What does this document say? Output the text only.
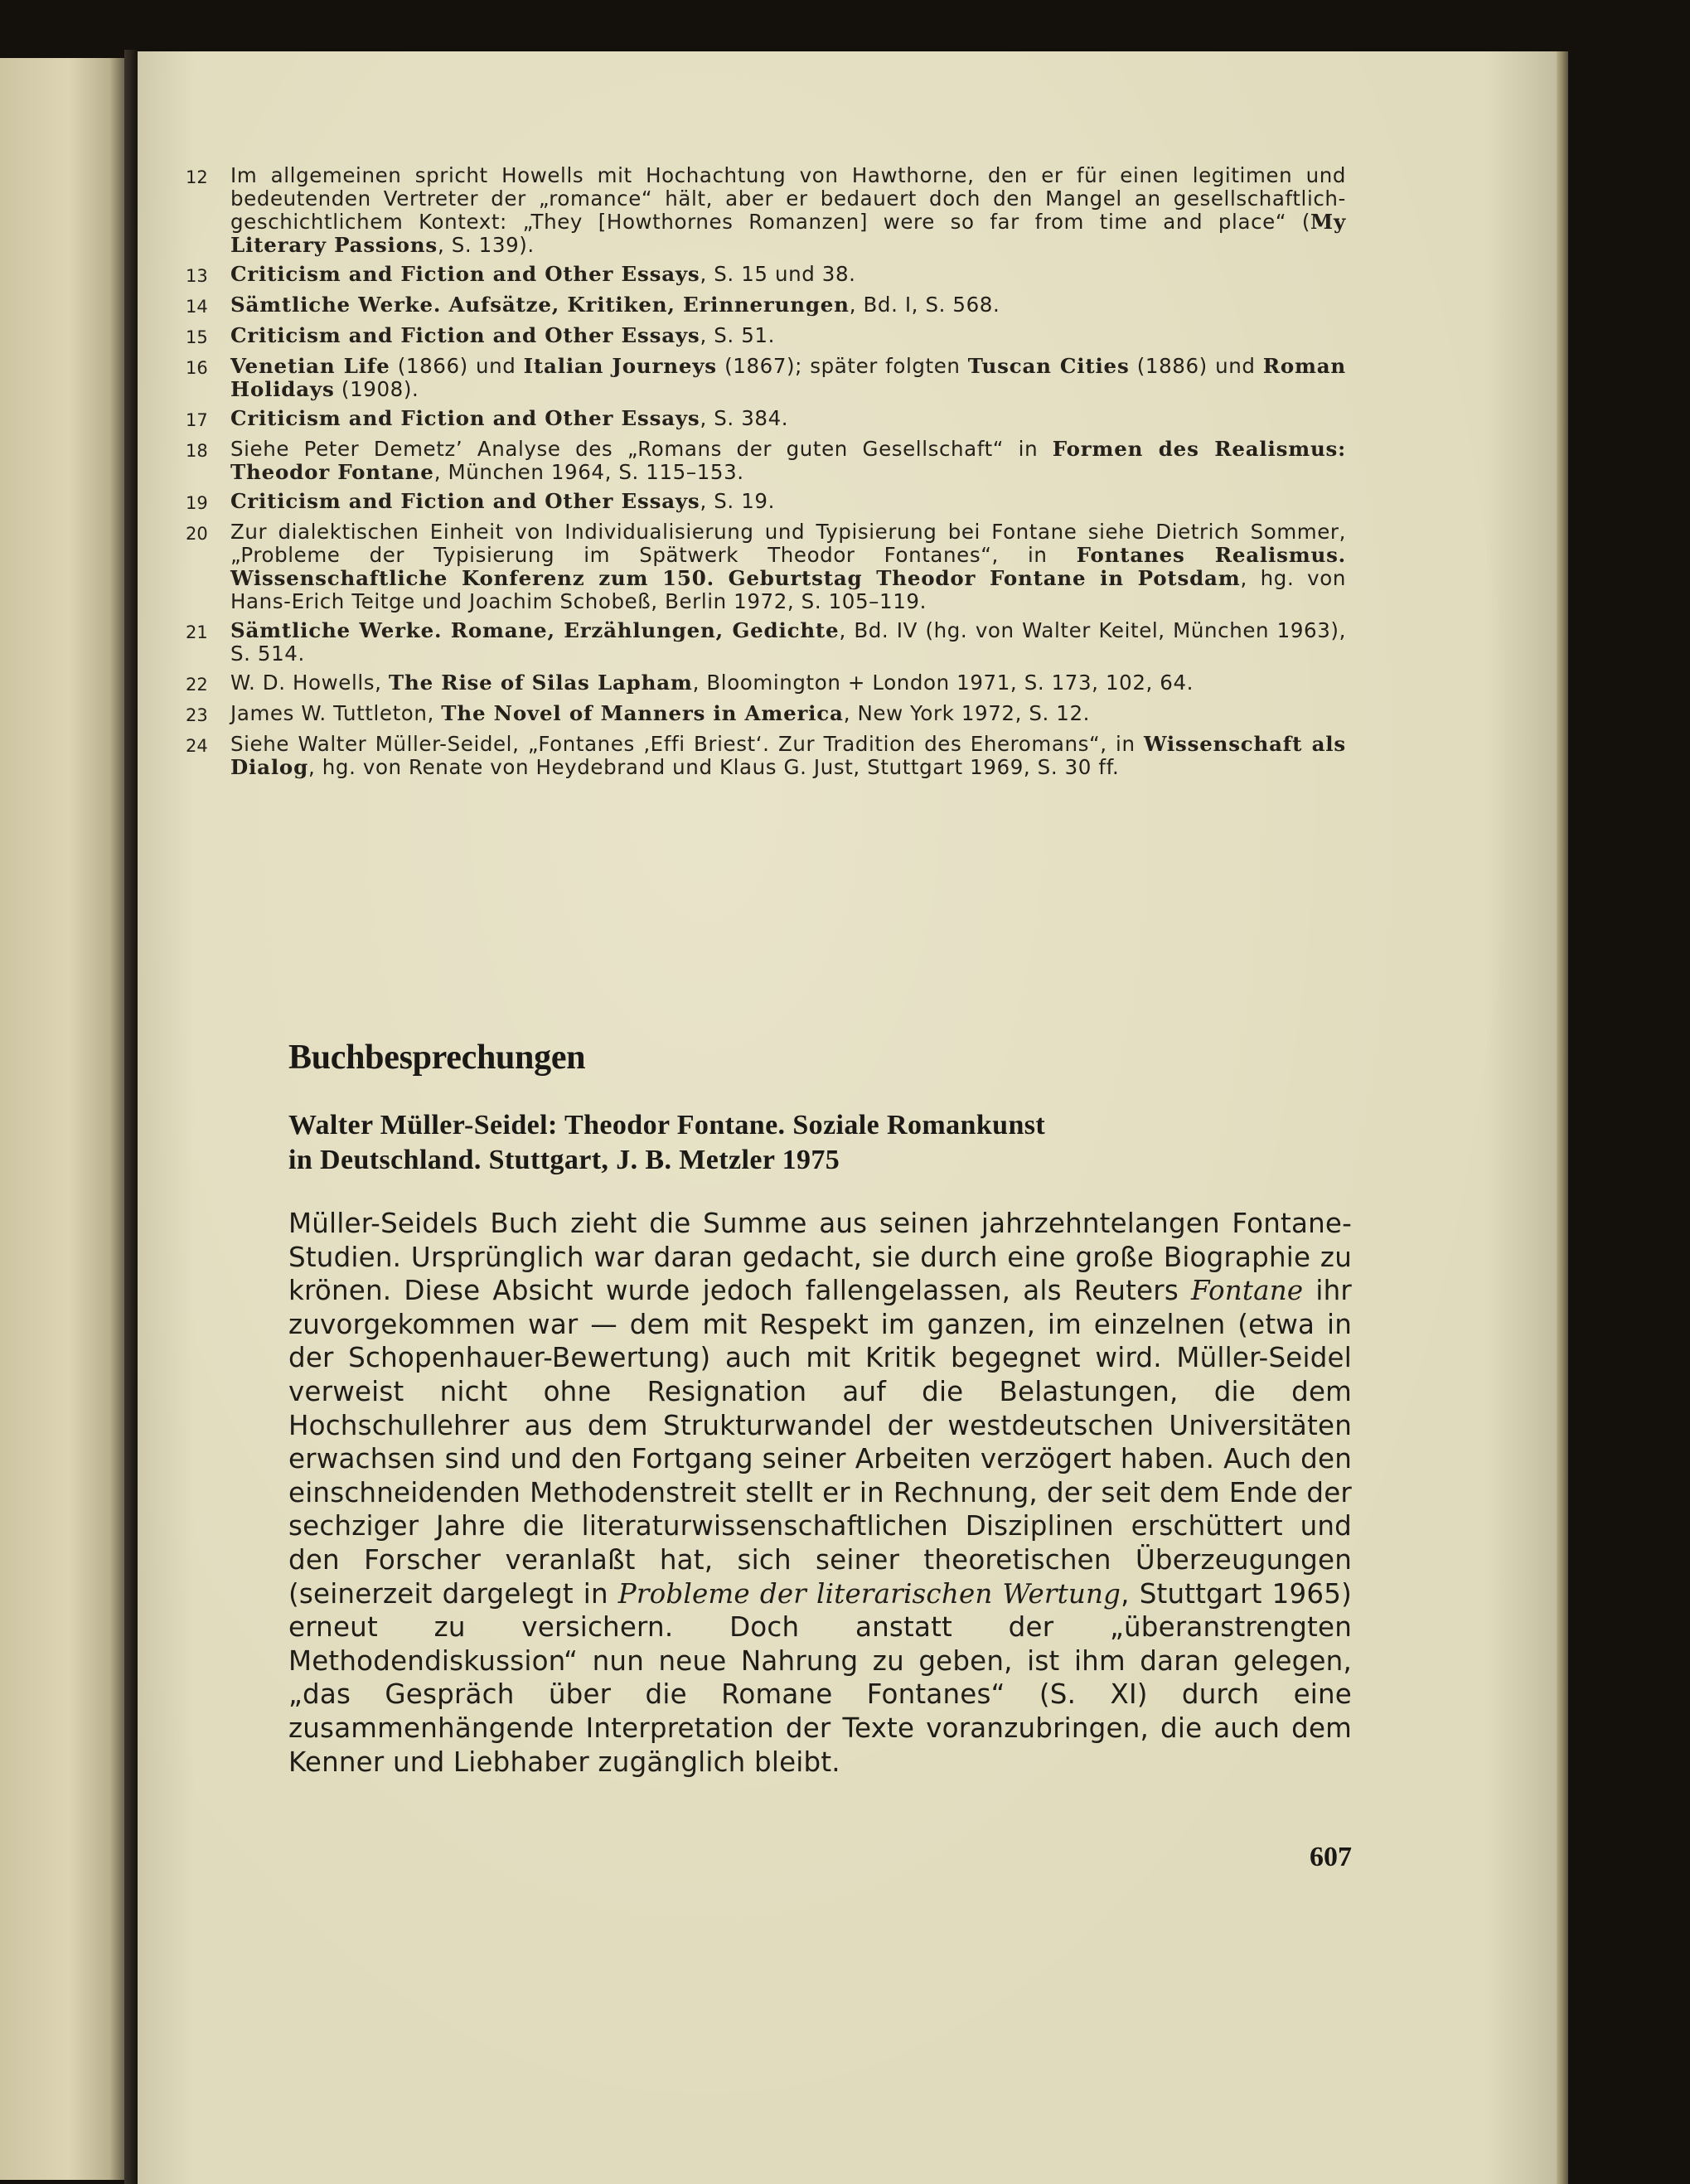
12	Im allgemeinen spricht Howells mit Hochachtung von Hawthorne, den er für einen legitimen und bedeutenden Vertreter der „romance“ hält, aber er bedauert doch den Mangel an gesellschaftlich-geschichtlichem Kontext: „They [Howthornes Romanzen] were so far from time and place“ (My Literary Passions, S. 139).
13	Criticism and Fiction and Other Essays, S. 15 und 38.
14	Sämtliche Werke. Aufsätze, Kritiken, Erinnerungen, Bd. I, S. 568.
15	Criticism and Fiction and Other Essays, S. 51.
16	Venetian Life (1866) und Italian Journeys (1867); später folgten Tuscan Cities (1886) und Roman Holidays (1908).
17	Criticism and Fiction and Other Essays, S. 384.
18	Siehe Peter Demetz’ Analyse des „Romans der guten Gesellschaft“ in Formen des Realismus: Theodor Fontane, München 1964, S. 115–153.
19	Criticism and Fiction and Other Essays, S. 19.
20	Zur dialektischen Einheit von Individualisierung und Typisierung bei Fontane siehe Dietrich Sommer, „Probleme der Typisierung im Spätwerk Theodor Fontanes“, in Fontanes Realismus. Wissenschaftliche Konferenz zum 150. Geburtstag Theodor Fontane in Potsdam, hg. von Hans-Erich Teitge und Joachim Schobeß, Berlin 1972, S. 105–119.
21	Sämtliche Werke. Romane, Erzählungen, Gedichte, Bd. IV (hg. von Walter Keitel, München 1963), S. 514.
22	W. D. Howells, The Rise of Silas Lapham, Bloomington + London 1971, S. 173, 102, 64.
23	James W. Tuttleton, The Novel of Manners in America, New York 1972, S. 12.
24	Siehe Walter Müller-Seidel, „Fontanes ‚Effi Briest‘. Zur Tradition des Eheromans“, in Wissenschaft als Dialog, hg. von Renate von Heydebrand und Klaus G. Just, Stuttgart 1969, S. 30 ff.
Buchbesprechungen
Walter Müller-Seidel: Theodor Fontane. Soziale Romankunst
in Deutschland. Stuttgart, J. B. Metzler 1975
Müller-Seidels Buch zieht die Summe aus seinen jahrzehntelangen Fontane-Studien. Ursprünglich war daran gedacht, sie durch eine große Biographie zu krönen. Diese Absicht wurde jedoch fallengelassen, als Reuters Fontane ihr zuvorgekommen war — dem mit Respekt im ganzen, im einzelnen (etwa in der Schopenhauer-Bewertung) auch mit Kritik begegnet wird. Müller-Seidel verweist nicht ohne Resignation auf die Belastungen, die dem Hochschullehrer aus dem Strukturwandel der westdeutschen Universitäten erwachsen sind und den Fortgang seiner Arbeiten verzögert haben. Auch den einschneidenden Methodenstreit stellt er in Rechnung, der seit dem Ende der sechziger Jahre die literaturwissenschaftlichen Disziplinen erschüttert und den Forscher veranlaßt hat, sich seiner theoretischen Überzeugungen (seinerzeit dargelegt in Probleme der literarischen Wertung, Stuttgart 1965) erneut zu versichern. Doch anstatt der „überanstrengten Methodendiskussion“ nun neue Nahrung zu geben, ist ihm daran gelegen, „das Gespräch über die Romane Fontanes“ (S. XI) durch eine zusammenhängende Interpretation der Texte voranzubringen, die auch dem Kenner und Liebhaber zugänglich bleibt.
607
